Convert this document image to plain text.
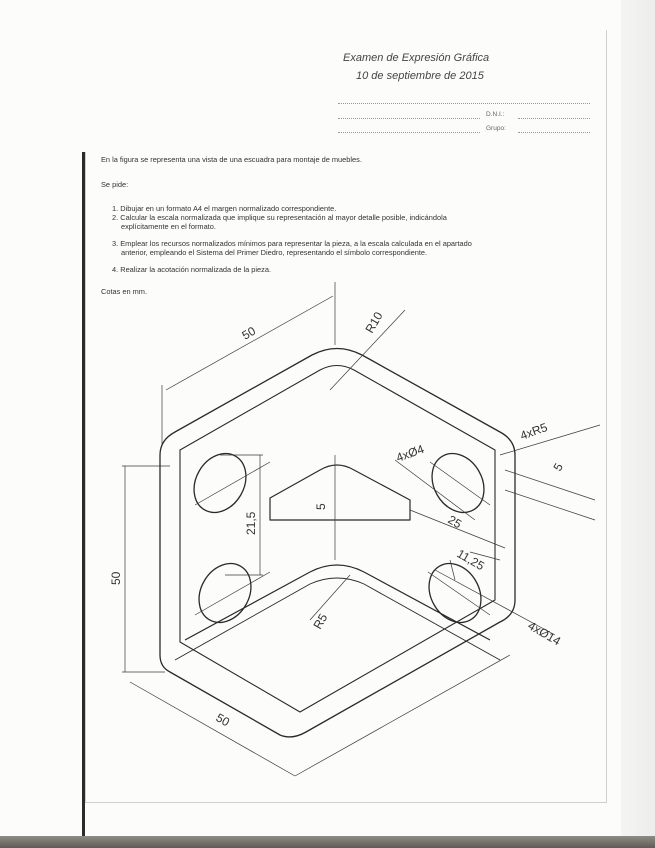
Examen de Expresión Gráfica
10 de septiembre de 2015
D.N.I.:
Grupo:
En la figura se representa una vista de una escuadra para montaje de muebles.
Se pide:
1. Dibujar en un formato A4 el margen normalizado correspondiente.
2. Calcular la escala normalizada que implique su representación al mayor detalle posible, indicándola
explícitamente en el formato.
3. Emplear los recursos normalizados mínimos para representar la pieza, a la escala calculada en el apartado
anterior, empleando el Sistema del Primer Diedro, representando el símbolo correspondiente.
4. Realizar la acotación normalizada de la pieza.
Cotas en mm.
50	R10
4xR5
5
4xØ4
5
21,5	25
11,25
50
R5	4xØ14
50
